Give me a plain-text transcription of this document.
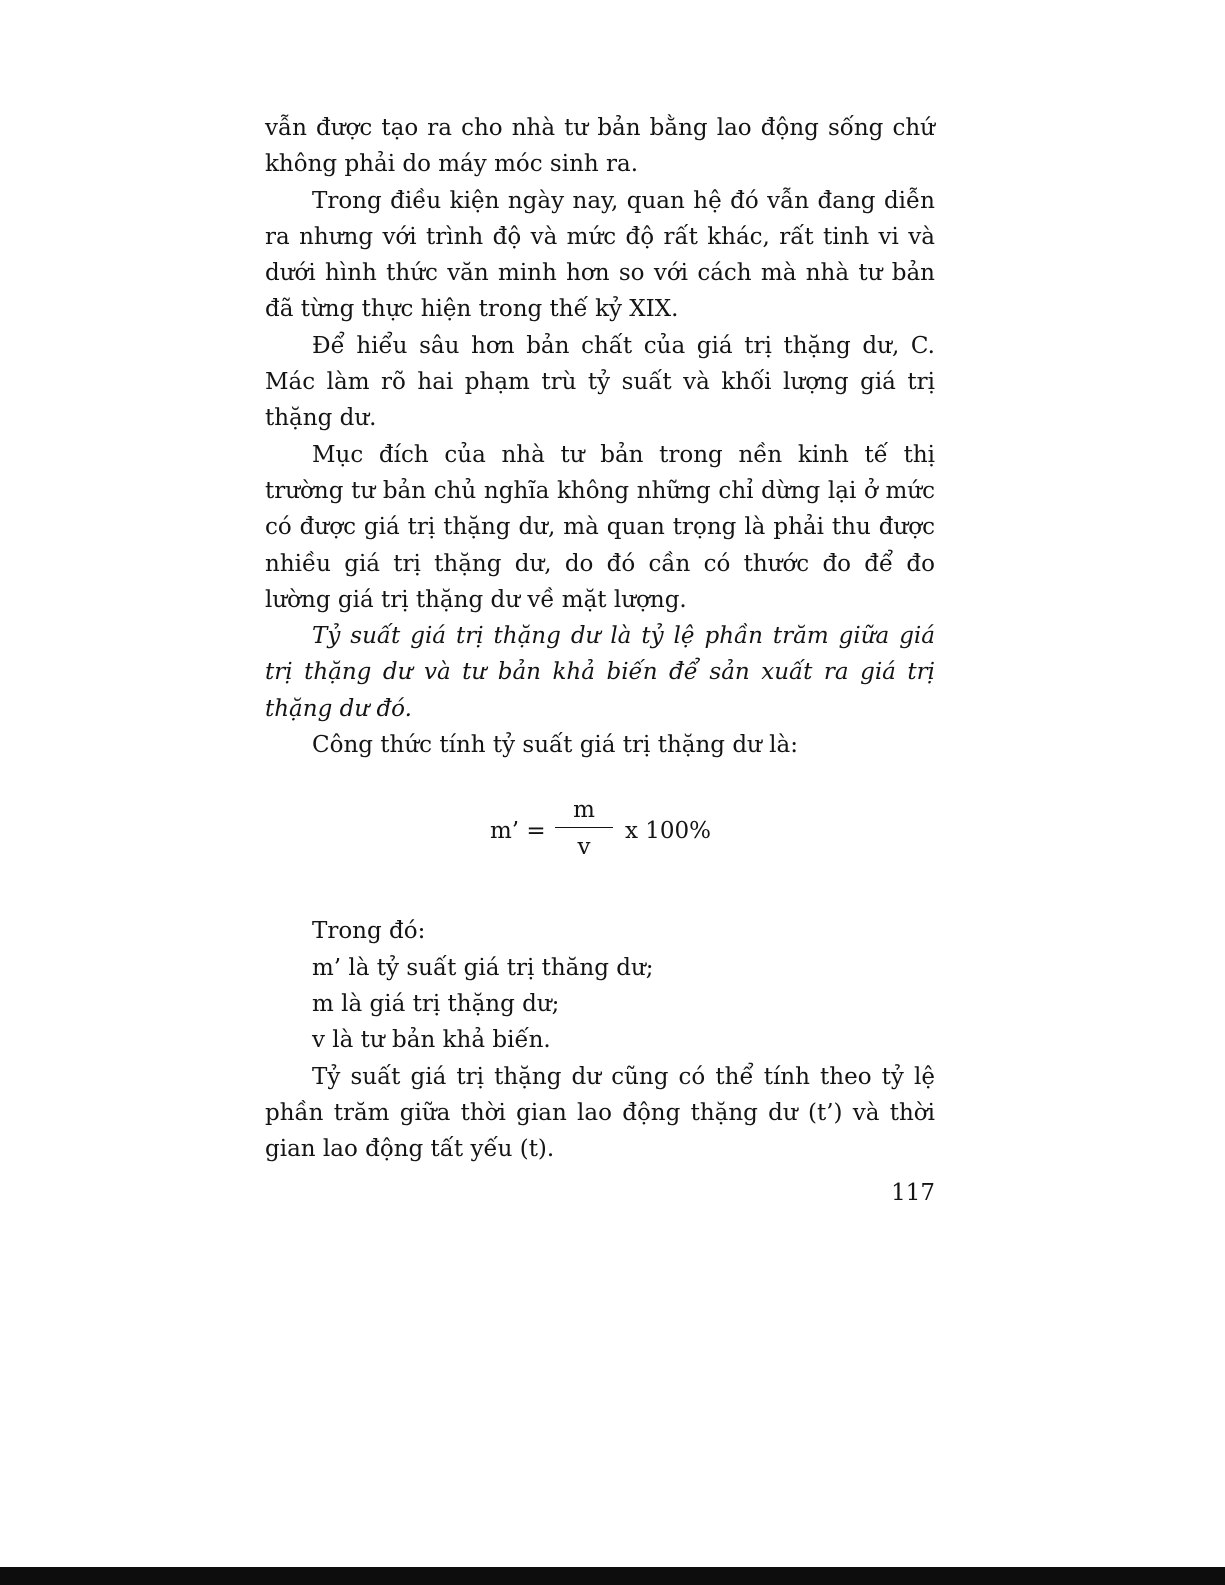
vẫn được tạo ra cho nhà tư bản bằng lao động sống chứ không phải do máy móc sinh ra.

Trong điều kiện ngày nay, quan hệ đó vẫn đang diễn ra nhưng với trình độ và mức độ rất khác, rất tinh vi và dưới hình thức văn minh hơn so với cách mà nhà tư bản đã từng thực hiện trong thế kỷ XIX.

Để hiểu sâu hơn bản chất của giá trị thặng dư, C. Mác làm rõ hai phạm trù tỷ suất và khối lượng giá trị thặng dư.

Mục đích của nhà tư bản trong nền kinh tế thị trường tư bản chủ nghĩa không những chỉ dừng lại ở mức có được giá trị thặng dư, mà quan trọng là phải thu được nhiều giá trị thặng dư, do đó cần có thước đo để đo lường giá trị thặng dư về mặt lượng.

Tỷ suất giá trị thặng dư là tỷ lệ phần trăm giữa giá trị thặng dư và tư bản khả biến để sản xuất ra giá trị thặng dư đó.

Công thức tính tỷ suất giá trị thặng dư là:

m’ =
m
v
x 100%

Trong đó:

m’ là tỷ suất giá trị thăng dư;

m là giá trị thặng dư;

v là tư bản khả biến.

Tỷ suất giá trị thặng dư cũng có thể tính theo tỷ lệ phần trăm giữa thời gian lao động thặng dư (t’) và thời gian lao động tất yếu (t).

117
